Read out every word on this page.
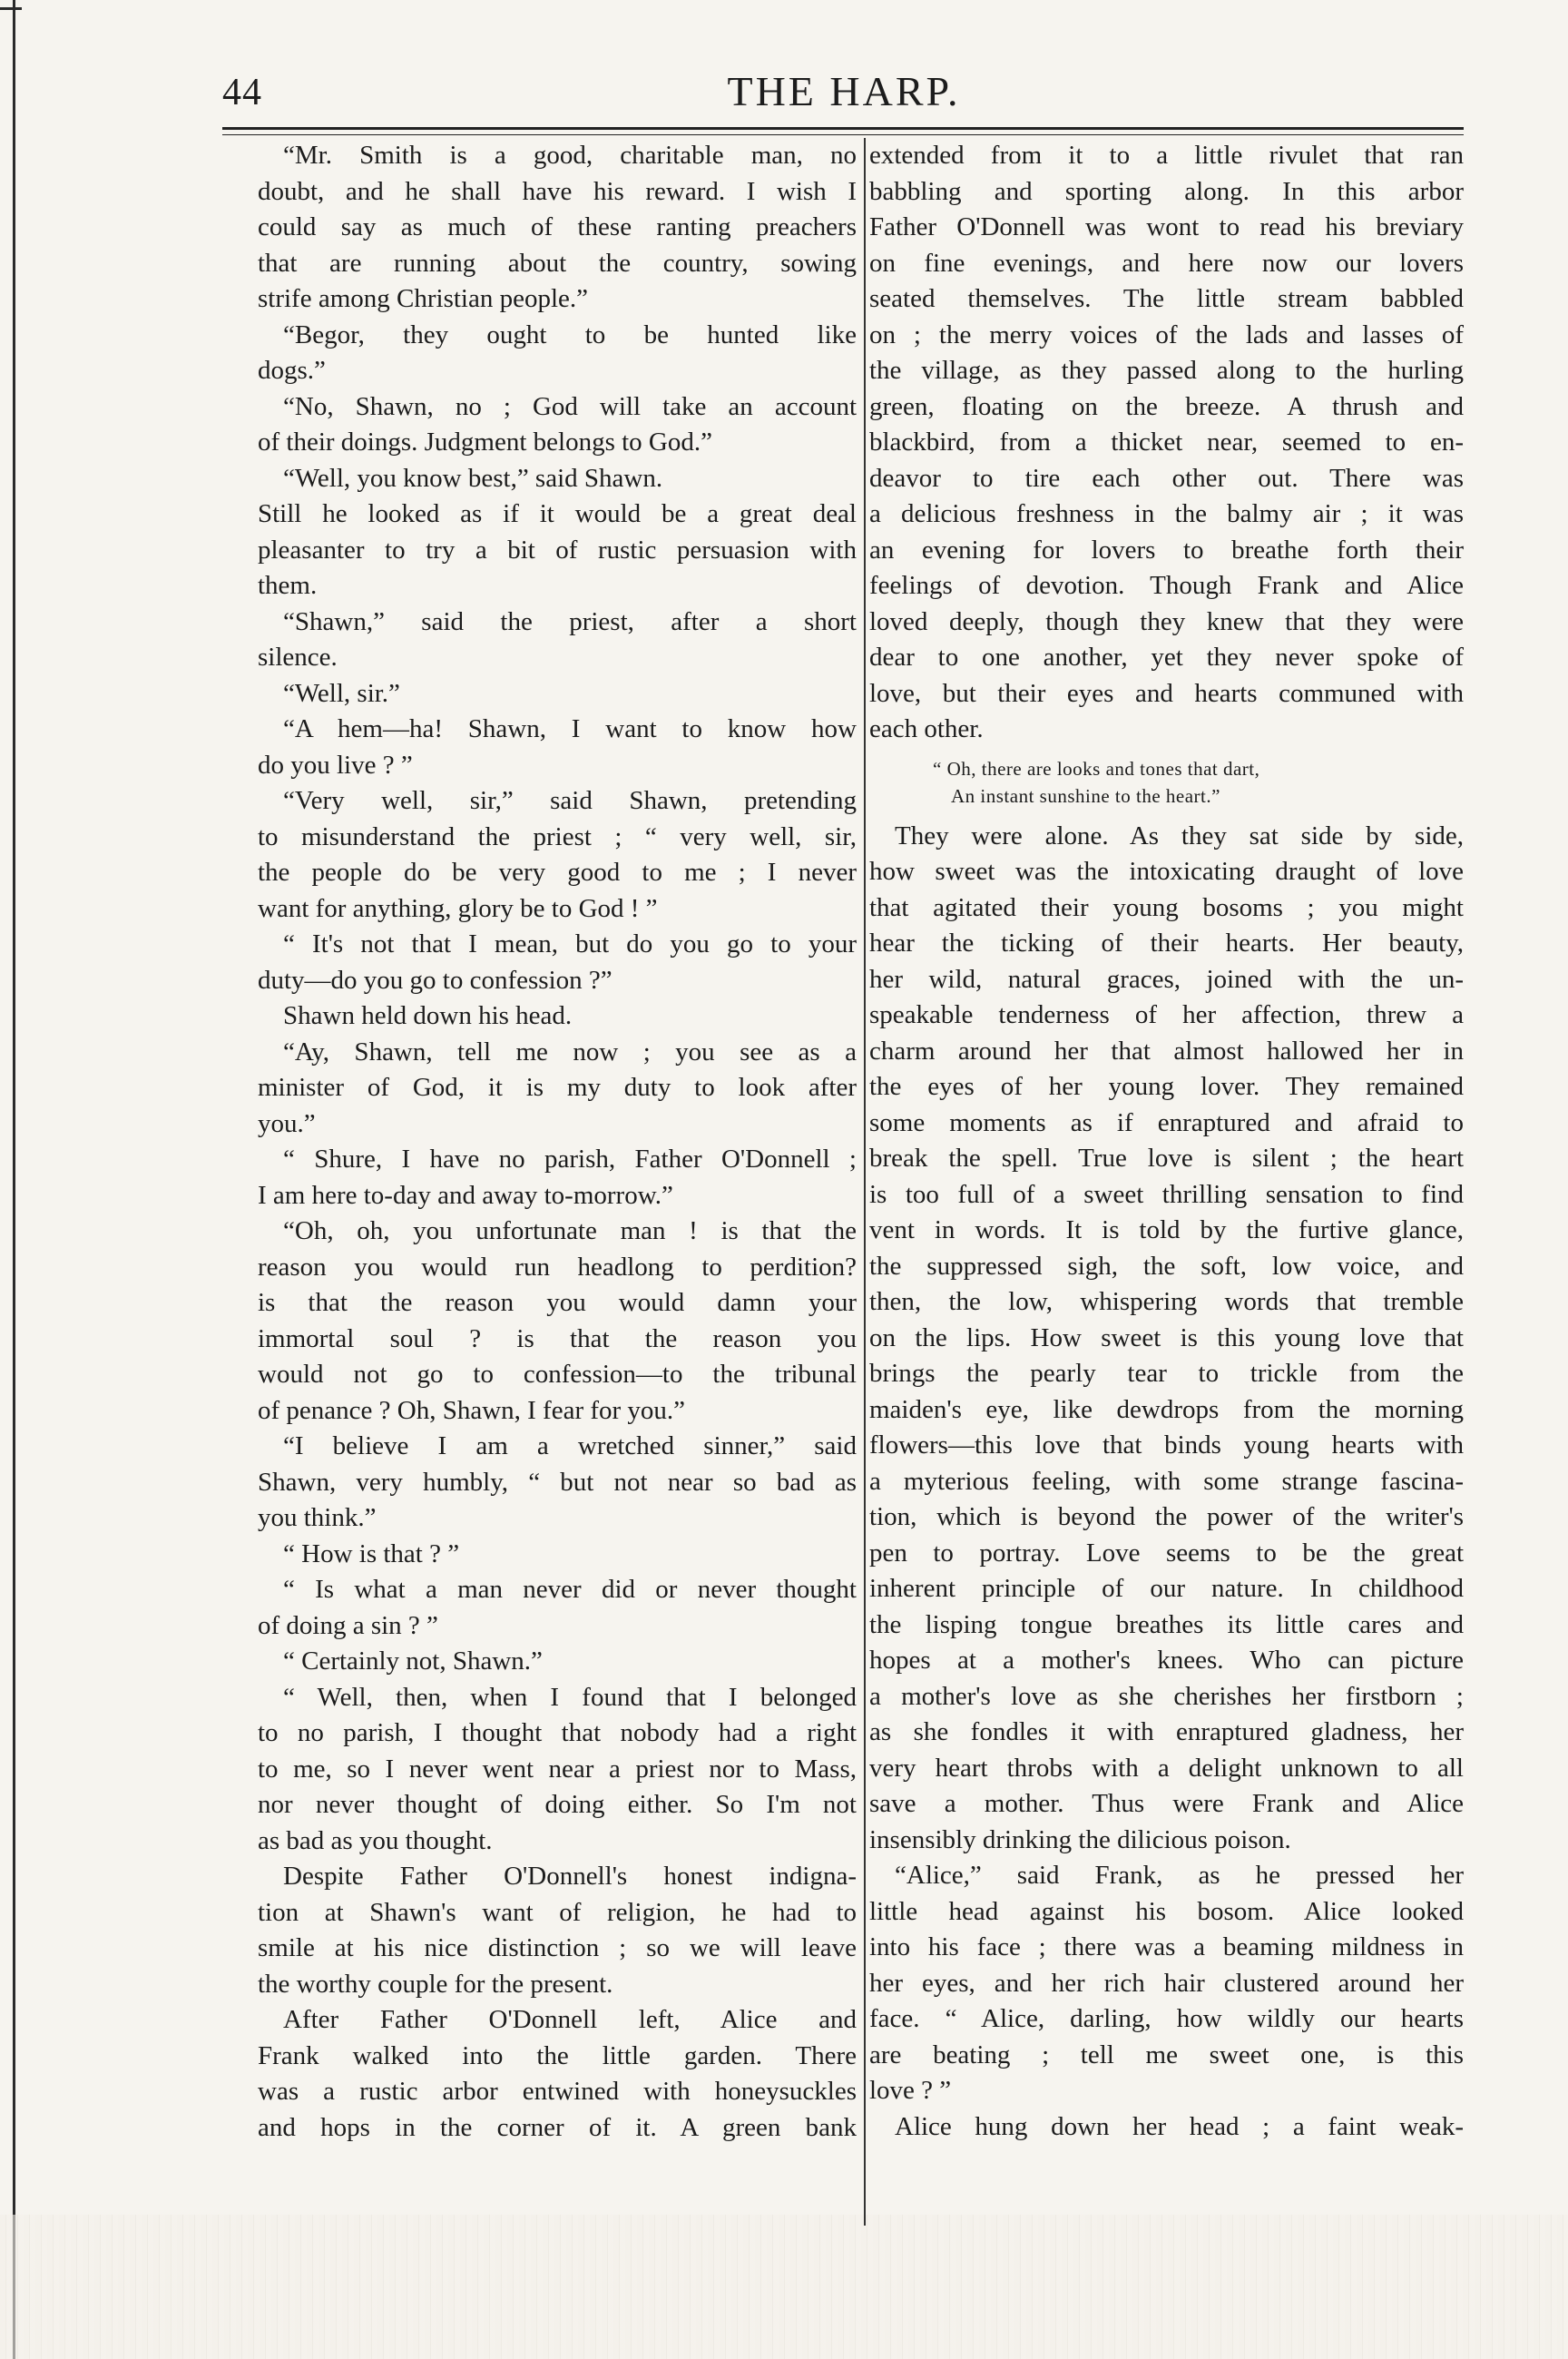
44	THE HARP.
“Mr. Smith is a good, charitable man, no
doubt, and he shall have his reward. I wish I
could say as much of these ranting preachers
that are running about the country, sowing
strife among Christian people.”
“Begor, they ought to be hunted like
dogs.”
“No, Shawn, no ; God will take an account
of their doings. Judgment belongs to God.”
“Well, you know best,” said Shawn.
Still he looked as if it would be a great deal
pleasanter to try a bit of rustic persuasion with
them.
“Shawn,” said the priest, after a short
silence.
“Well, sir.”
“A hem—ha! Shawn, I want to know how
do you live ? ”
“Very well, sir,” said Shawn, pretending
to misunderstand the priest ; “ very well, sir,
the people do be very good to me ; I never
want for anything, glory be to God ! ”
“ It's not that I mean, but do you go to your
duty—do you go to confession ?”
Shawn held down his head.
“Ay, Shawn, tell me now ; you see as a
minister of God, it is my duty to look after
you.”
“ Shure, I have no parish, Father O'Donnell ;
I am here to-day and away to-morrow.”
“Oh, oh, you unfortunate man ! is that the
reason you would run headlong to perdition?
is that the reason you would damn your
immortal soul ? is that the reason you
would not go to confession—to the tribunal
of penance ? Oh, Shawn, I fear for you.”
“I believe I am a wretched sinner,” said
Shawn, very humbly, “ but not near so bad as
you think.”
“ How is that ? ”
“ Is what a man never did or never thought
of doing a sin ? ”
“ Certainly not, Shawn.”
“ Well, then, when I found that I belonged
to no parish, I thought that nobody had a right
to me, so I never went near a priest nor to Mass,
nor never thought of doing either. So I'm not
as bad as you thought.
Despite Father O'Donnell's honest indigna-
tion at Shawn's want of religion, he had to
smile at his nice distinction ; so we will leave
the worthy couple for the present.
After Father O'Donnell left, Alice and
Frank walked into the little garden. There
was a rustic arbor entwined with honeysuckles
and hops in the corner of it. A green bank
extended from it to a little rivulet that ran
babbling and sporting along. In this arbor
Father O'Donnell was wont to read his breviary
on fine evenings, and here now our lovers
seated themselves. The little stream babbled
on ; the merry voices of the lads and lasses of
the village, as they passed along to the hurling
green, floating on the breeze. A thrush and
blackbird, from a thicket near, seemed to en-
deavor to tire each other out. There was
a delicious freshness in the balmy air ; it was
an evening for lovers to breathe forth their
feelings of devotion. Though Frank and Alice
loved deeply, though they knew that they were
dear to one another, yet they never spoke of
love, but their eyes and hearts communed with
each other.
“ Oh, there are looks and tones that dart,
An instant sunshine to the heart.”
They were alone. As they sat side by side,
how sweet was the intoxicating draught of love
that agitated their young bosoms ; you might
hear the ticking of their hearts. Her beauty,
her wild, natural graces, joined with the un-
speakable tenderness of her affection, threw a
charm around her that almost hallowed her in
the eyes of her young lover. They remained
some moments as if enraptured and afraid to
break the spell. True love is silent ; the heart
is too full of a sweet thrilling sensation to find
vent in words. It is told by the furtive glance,
the suppressed sigh, the soft, low voice, and
then, the low, whispering words that tremble
on the lips. How sweet is this young love that
brings the pearly tear to trickle from the
maiden's eye, like dewdrops from the morning
flowers—this love that binds young hearts with
a myterious feeling, with some strange fascina-
tion, which is beyond the power of the writer's
pen to portray. Love seems to be the great
inherent principle of our nature. In childhood
the lisping tongue breathes its little cares and
hopes at a mother's knees. Who can picture
a mother's love as she cherishes her firstborn ;
as she fondles it with enraptured gladness, her
very heart throbs with a delight unknown to all
save a mother. Thus were Frank and Alice
insensibly drinking the dilicious poison.
“Alice,” said Frank, as he pressed her
little head against his bosom. Alice looked
into his face ; there was a beaming mildness in
her eyes, and her rich hair clustered around her
face. “ Alice, darling, how wildly our hearts
are beating ; tell me sweet one, is this
love ? ”
Alice hung down her head ; a faint weak-
